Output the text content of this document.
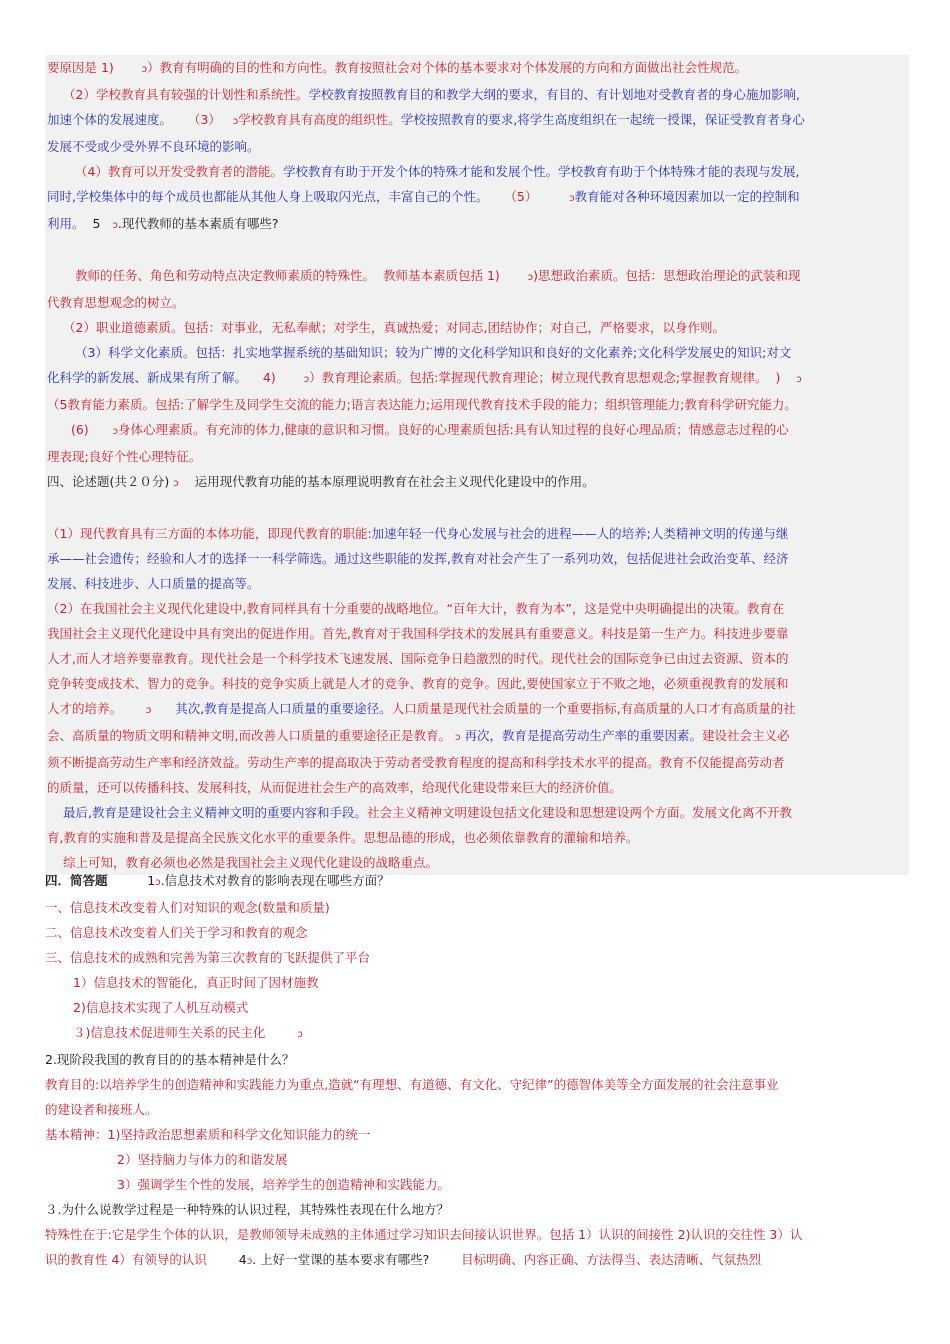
要原因是 1)	ↄ）教育有明确的目的性和方向性。教育按照社会对个体的基本要求对个体发展的方向和方面做出社会性规范。

（2）学校教育具有较强的计划性和系统性。学校教育按照教育目的和教学大纲的要求，有目的、有计划地对受教育者的身心施加影响,

加速个体的发展速度。 （3） ↄ学校教育具有高度的组织性。学校按照教育的要求,将学生高度组织在一起统一授课，保证受教育者身心

发展不受或少受外界不良环境的影响。

（4）教育可以开发受教育者的潜能。学校教育有助于开发个体的特殊才能和发展个性。学校教育有助于个体特殊才能的表现与发展,

同时,学校集体中的每个成员也都能从其他人身上吸取闪光点，丰富自己的个性。 （5）	ↄ教育能对各种环境因素加以一定的控制和

利用。 5 ↄ.现代教师的基本素质有哪些?

教师的任务、角色和劳动特点决定教师素质的特殊性。 教师基本素质包括 1)	ↄ)思想政治素质。包括：思想政治理论的武装和现

代教育思想观念的树立。

（2）职业道德素质。包括：对事业，无私奉献；对学生，真诚热爱；对同志,团结协作；对自己，严格要求，以身作则。

（3）科学文化素质。包括：扎实地掌握系统的基础知识；较为广博的文化科学知识和良好的文化素养;文化科学发展史的知识;对文

化科学的新发展、新成果有所了解。 4)	ↄ）教育理论素质。包括:掌握现代教育理论；树立现代教育思想观念;掌握教育规律。 ) ↄ

（5教育能力素质。包括:了解学生及同学生交流的能力;语言表达能力;运用现代教育技术手段的能力；组织管理能力;教育科学研究能力。

(6) ↄ身体心理素质。有充沛的体力,健康的意识和习惯。良好的心理素质包括:具有认知过程的良好心理品质；情感意志过程的心

理表现;良好个性心理特征。

四、论述题(共２０分) ↄ 运用现代教育功能的基本原理说明教育在社会主义现代化建设中的作用。

（1）现代教育具有三方面的本体功能，即现代教育的职能:加速年轻一代身心发展与社会的进程——人的培养;人类精神文明的传递与继

承——社会遗传；经验和人才的选择一一科学筛选。通过这些职能的发挥,教育对社会产生了一系列功效，包括促进社会政治变革、经济

发展、科技进步、人口质量的提高等。

（2）在我国社会主义现代化建设中,教育同样具有十分重要的战略地位。“百年大计，教育为本”，这是党中央明确提出的决策。教育在

我国社会主义现代化建设中具有突出的促进作用。首先,教育对于我国科学技术的发展具有重要意义。科技是第一生产力。科技进步要靠

人才,而人才培养要靠教育。现代社会是一个科学技术飞速发展、国际竞争日趋激烈的时代。现代社会的国际竞争已由过去资源、资本的

竞争转变成技术、智力的竞争。科技的竞争实质上就是人才的竞争、教育的竞争。因此,要使国家立于不败之地，必须重视教育的发展和

人才的培养。 ↄ 其次,教育是提高人口质量的重要途径。人口质量是现代社会质量的一个重要指标,有高质量的人口才有高质量的社

会、高质量的物质文明和精神文明,而改善人口质量的重要途径正是教育。 ↄ 再次，教育是提高劳动生产率的重要因素。建设社会主义必

须不断提高劳动生产率和经济效益。劳动生产率的提高取决于劳动者受教育程度的提高和科学技术水平的提高。教育不仅能提高劳动者

的质量，还可以传播科技、发展科技，从而促进社会生产的高效率，给现代化建设带来巨大的经济价值。

最后,教育是建设社会主义精神文明的重要内容和手段。社会主义精神文明建设包括文化建设和思想建设两个方面。发展文化离不开教

育,教育的实施和普及是提高全民族文化水平的重要条件。思想品德的形成，也必须依靠教育的灌输和培养。

综上可知，教育必须也必然是我国社会主义现代化建设的战略重点。

四．简答题	1ↄ.信息技术对教育的影响表现在哪些方面？

一、信息技术改变着人们对知识的观念(数量和质量)

二、信息技术改变着人们关于学习和教育的观念

三、信息技术的成熟和完善为第三次教育的飞跃提供了平台

1）信息技术的智能化，真正时间了因材施教

2)信息技术实现了人机互动模式

３)信息技术促进师生关系的民主化	ↄ

2.现阶段我国的教育目的的基本精神是什么？

教育目的:以培养学生的创造精神和实践能力为重点,造就“有理想、有道德、有文化、守纪律”的德智体美等全方面发展的社会注意事业

的建设者和接班人。

基本精神：1)坚持政治思想素质和科学文化知识能力的统一

2）坚持脑力与体力的和谐发展

3）强调学生个性的发展，培养学生的创造精神和实践能力。

３.为什么说教学过程是一种特殊的认识过程，其特殊性表现在什么地方？

特殊性在于:它是学生个体的认识，是教师领导未成熟的主体通过学习知识去间接认识世界。包括 1）认识的间接性 2)认识的交往性 3）认

识的教育性 4）有领导的认识	4ↄ. 上好一堂课的基本要求有哪些?	目标明确、内容正确、方法得当、表达清晰、气氛热烈
